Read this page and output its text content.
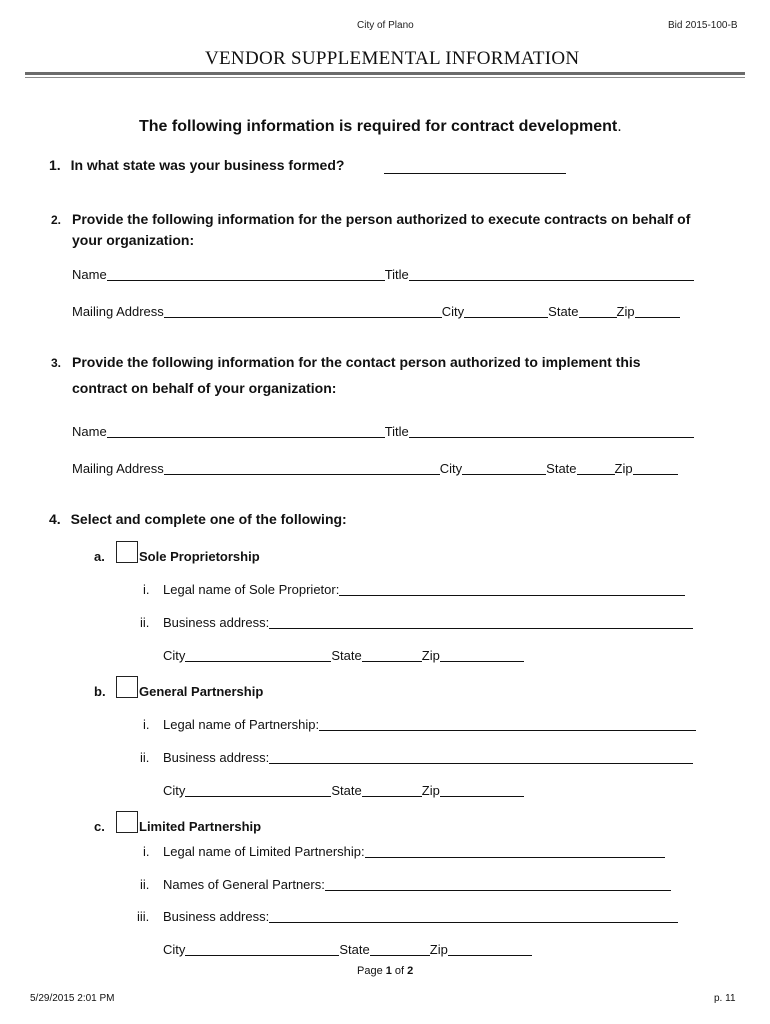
City of Plano	Bid 2015-100-B
VENDOR SUPPLEMENTAL INFORMATION
The following information is required for contract development.
1. In what state was your business formed?
2. Provide the following information for the person authorized to execute contracts on behalf of
your organization:
Name	Title
Mailing Address	City	State	Zip
3. Provide the following information for the contact person authorized to implement this
contract on behalf of your organization:
Name	Title
Mailing Address	City	State	Zip
4. Select and complete one of the following:
a.	Sole Proprietorship
i. Legal name of Sole Proprietor:
ii. Business address:
City	State	Zip
b.	General Partnership
i. Legal name of Partnership:
ii. Business address:
City	State	Zip
c.	Limited Partnership
i. Legal name of Limited Partnership:
ii. Names of General Partners:
iii. Business address:
City	State	Zip
Page 1 of 2
5/29/2015 2:01 PM	p. 11
